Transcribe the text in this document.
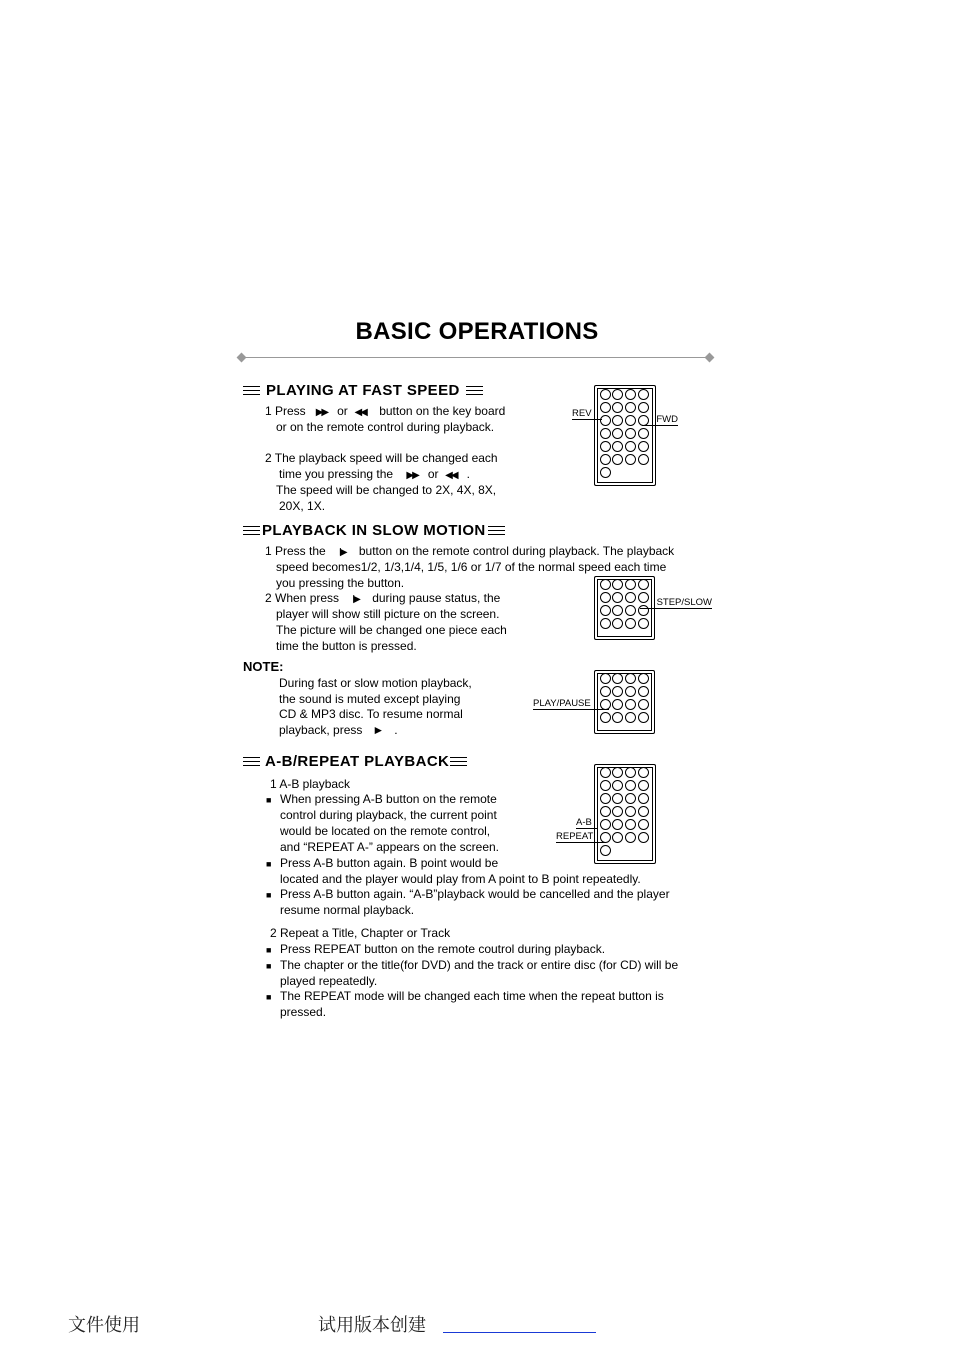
BASIC OPERATIONS
PLAYING AT FAST SPEED
1 Press ▶▶ or ◀◀ button on the key board
or on the remote control during playback.
2 The playback speed will be changed each
time you pressing the ▶▶ or ◀◀ .
The speed will be changed to 2X, 4X, 8X,
20X, 1X.
REV
FWD
PLAYBACK IN SLOW MOTION
1 Press the I▶ button on the remote control during playback. The playback
speed becomes1/2, 1/3,1/4, 1/5, 1/6 or 1/7 of the normal speed each time
you pressing the button.
2 When press I▶ during pause status, the
player will show still picture on the screen.
The picture will be changed one piece each
time the button is pressed.
STEP/SLOW
NOTE:
During fast or slow motion playback,
the sound is muted except playing
CD & MP3 disc. To resume normal
playback, press ► .
PLAY/PAUSE
A-B/REPEAT PLAYBACK
1 A-B playback
■ When pressing A-B button on the remote
control during playback, the current point
would be located on the remote control,
and “REPEAT A-” appears on the screen.
■ Press A-B button again. B point would be
located and the player would play from A point to B point repeatedly.
■ Press A-B button again. “A-B”playback would be cancelled and the player
resume normal playback.
2 Repeat a Title, Chapter or Track
■ Press REPEAT button on the remote coutrol during playback.
■ The chapter or the title(for DVD) and the track or entire disc (for CD) will be
played repeatedly.
■ The REPEAT mode will be changed each time when the repeat button is
pressed.
A-B
REPEAT
文件使用	试用版本创建
